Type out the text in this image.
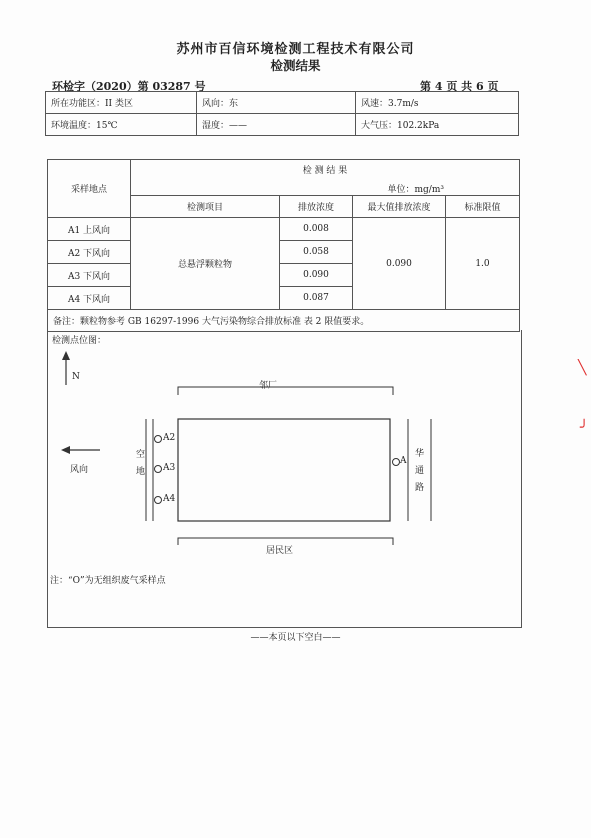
苏州市百信环境检测工程技术有限公司
检测结果
环检字（2020）第 03287 号	第 4 页 共 6 页
所在功能区：II 类区	风向：东	风速：3.7m/s
环境温度：15℃	湿度：——	大气压：102.2kPa
采样地点	检 测 结 果
单位：mg/m³			

	检测项目	排放浓度	最大值排放浓度	标准限值
A1 上风向	总悬浮颗粒物	0.008	0.090	1.0
A2 下风向		0.058		
A3 下风向		0.090		
A4 下风向		0.087		
备注：颗粒物参考 GB 16297-1996 大气污染物综合排放标准 表 2 限值要求。				
检测点位图：
N
风向
邻厂
居民区
空
地
华
通
路
A2
A3
A4
A
注：“O”为无组织废气采样点
——本页以下空白——
╲
╯
